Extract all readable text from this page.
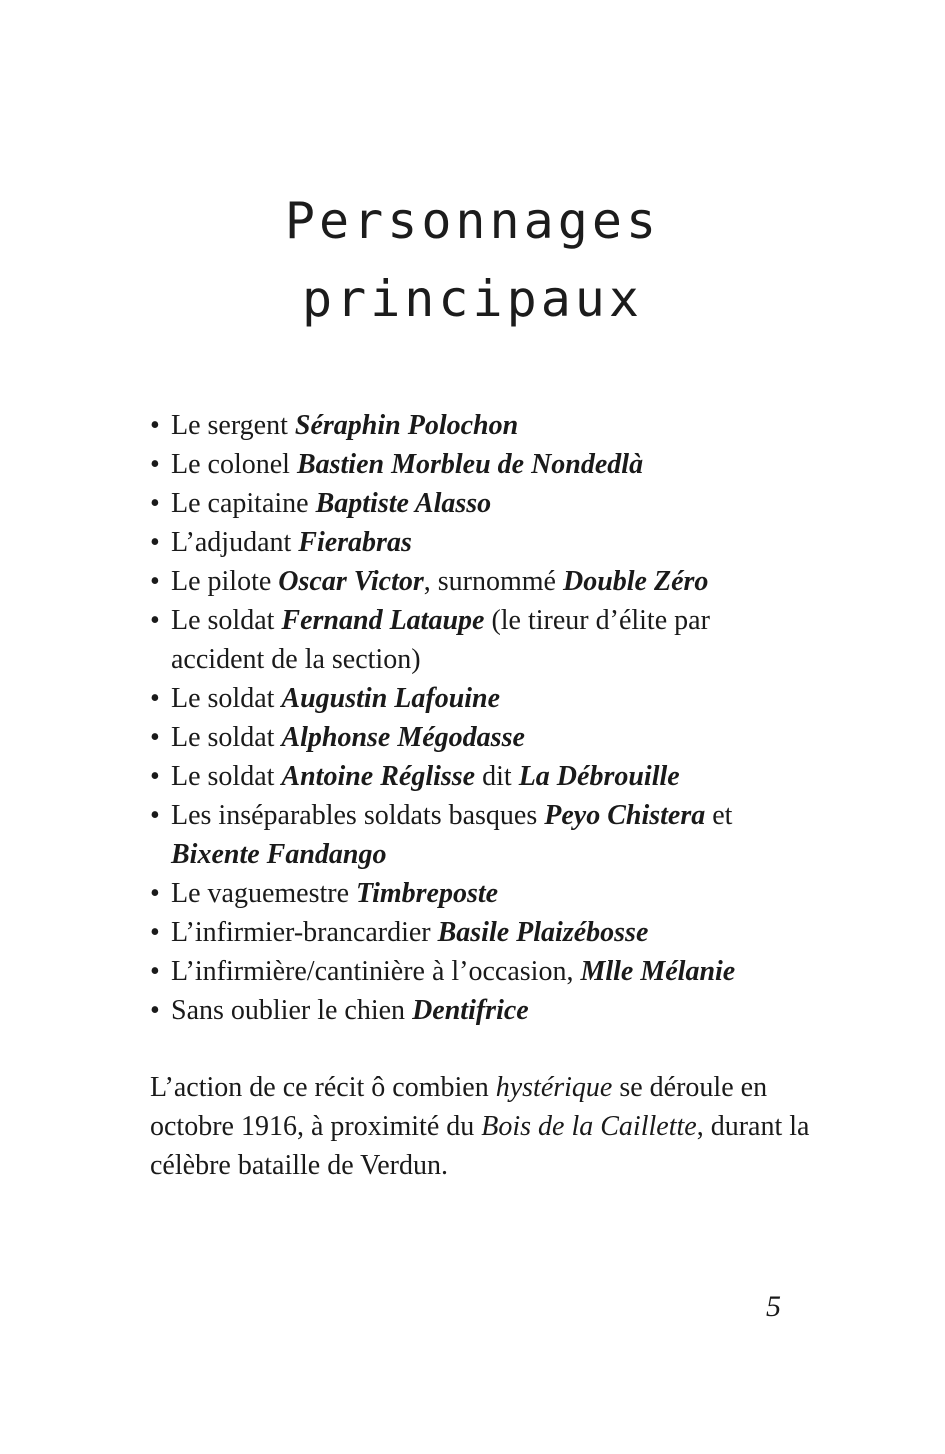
Personnages
principaux
• Le sergent Séraphin Polochon
• Le colonel Bastien Morbleu de Nondedlà
• Le capitaine Baptiste Alasso
• L’adjudant Fierabras
• Le pilote Oscar Victor, surnommé Double Zéro
• Le soldat Fernand Lataupe (le tireur d’élite par accident de la section)
• Le soldat Augustin Lafouine
• Le soldat Alphonse Mégodasse
• Le soldat Antoine Réglisse dit La Débrouille
• Les inséparables soldats basques Peyo Chistera et Bixente Fandango
• Le vaguemestre Timbreposte
• L’infirmier-brancardier Basile Plaizébosse
• L’infirmière/cantinière à l’occasion, Mlle Mélanie
• Sans oublier le chien Dentifrice

L’action de ce récit ô combien hystérique se déroule en octobre 1916, à proximité du Bois de la Caillette, durant la célèbre bataille de Verdun.

5
